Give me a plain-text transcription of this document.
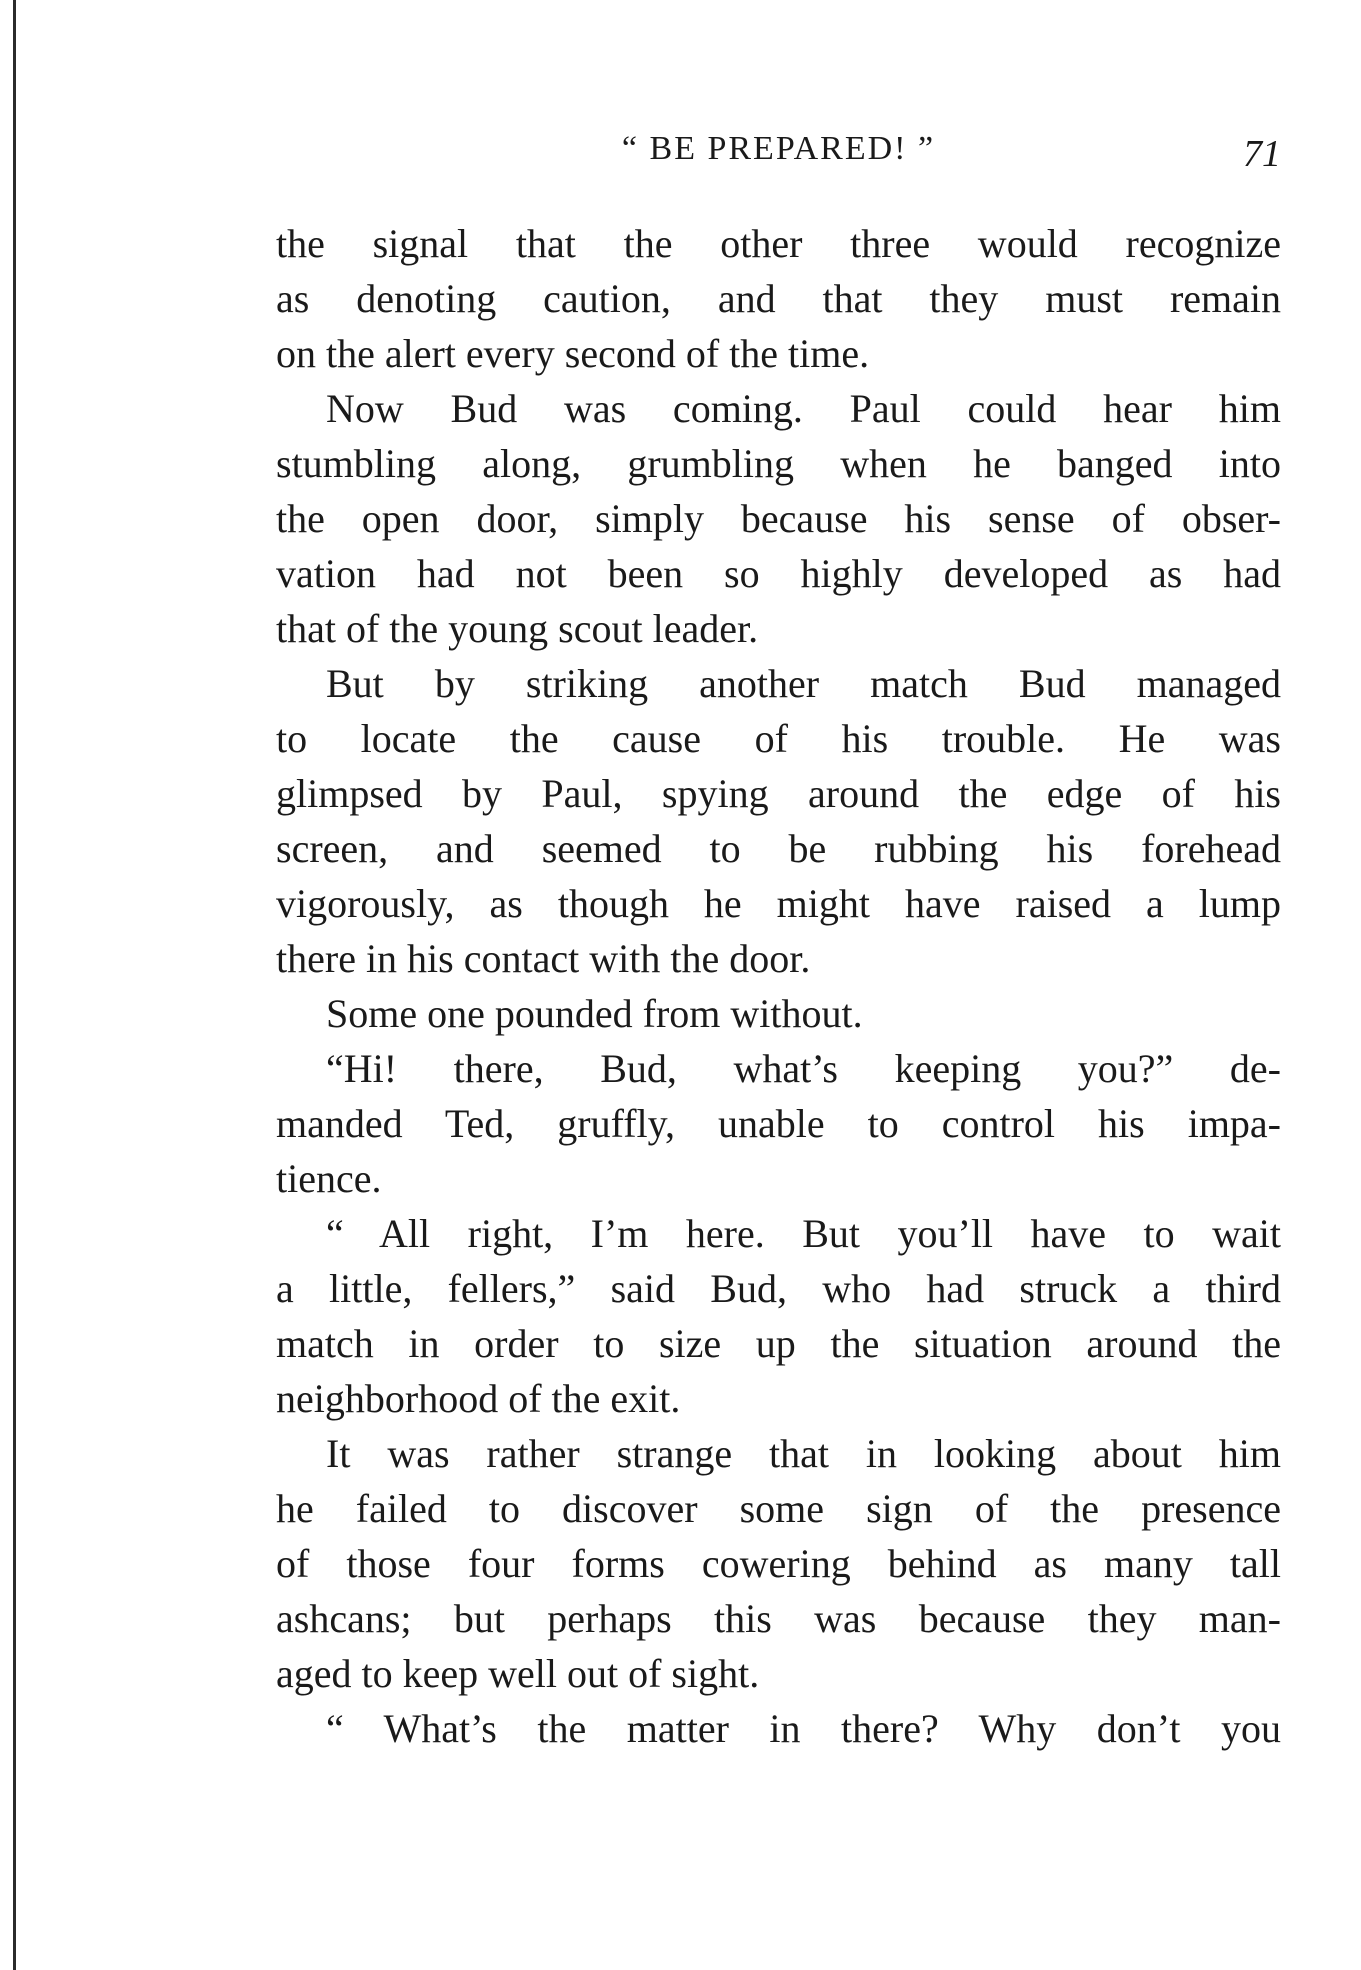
“ BE PREPARED! ”	71
the signal that the other three would recognize
as denoting caution, and that they must remain
on the alert every second of the time.
Now Bud was coming. Paul could hear him
stumbling along, grumbling when he banged into
the open door, simply because his sense of obser-
vation had not been so highly developed as had
that of the young scout leader.
But by striking another match Bud managed
to locate the cause of his trouble. He was
glimpsed by Paul, spying around the edge of his
screen, and seemed to be rubbing his forehead
vigorously, as though he might have raised a lump
there in his contact with the door.
Some one pounded from without.
“Hi! there, Bud, what’s keeping you?” de-
manded Ted, gruffly, unable to control his impa-
tience.
“ All right, I’m here. But you’ll have to wait
a little, fellers,” said Bud, who had struck a third
match in order to size up the situation around the
neighborhood of the exit.
It was rather strange that in looking about him
he failed to discover some sign of the presence
of those four forms cowering behind as many tall
ashcans; but perhaps this was because they man-
aged to keep well out of sight.
“ What’s the matter in there? Why don’t you
